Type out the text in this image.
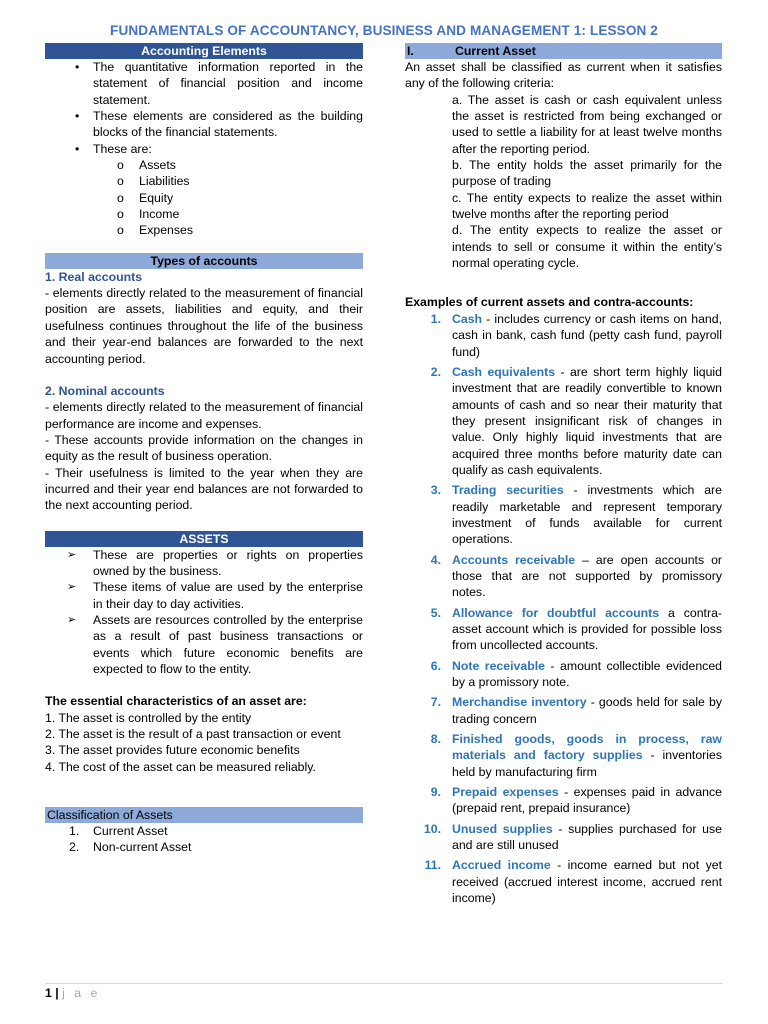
FUNDAMENTALS OF ACCOUNTANCY, BUSINESS AND MANAGEMENT 1: LESSON 2
Accounting Elements
•	The quantitative information reported in the statement of financial position and income statement.
•	These elements are considered as the building blocks of the financial statements.
•	These are:
o	Assets
o	Liabilities
o	Equity
o	Income
o	Expenses
Types of accounts
1. Real accounts
- elements directly related to the measurement of financial position are assets, liabilities and equity, and their usefulness continues throughout the life of the business and their year-end balances are forwarded to the next accounting period.
2. Nominal accounts
- elements directly related to the measurement of financial performance are income and expenses.
- These accounts provide information on the changes in equity as the result of business operation.
- Their usefulness is limited to the year when they are incurred and their year end balances are not forwarded to the next accounting period.
ASSETS
➢	These are properties or rights on properties owned by the business.
➢	These items of value are used by the enterprise in their day to day activities.
➢	Assets are resources controlled by the enterprise as a result of past business transactions or events which future economic benefits are expected to flow to the entity.
The essential characteristics of an asset are:
1. The asset is controlled by the entity
2. The asset is the result of a past transaction or event
3. The asset provides future economic benefits
4. The cost of the asset can be measured reliably.
Classification of Assets
1.	Current Asset
2.	Non-current Asset
I.	Current Asset
An asset shall be classified as current when it satisfies any of the following criteria:
a. The asset is cash or cash equivalent unless the asset is restricted from being exchanged or used to settle a liability for at least twelve months after the reporting period.
b. The entity holds the asset primarily for the purpose of trading
c. The entity expects to realize the asset within twelve months after the reporting period
d. The entity expects to realize the asset or intends to sell or consume it within the entity’s normal operating cycle.
Examples of current assets and contra-accounts:
1. Cash - includes currency or cash items on hand, cash in bank, cash fund (petty cash fund, payroll fund)
2. Cash equivalents - are short term highly liquid investment that are readily convertible to known amounts of cash and so near their maturity that they present insignificant risk of changes in value. Only highly liquid investments that are acquired three months before maturity date can qualify as cash equivalents.
3. Trading securities - investments which are readily marketable and represent temporary investment of funds available for current operations.
4. Accounts receivable – are open accounts or those that are not supported by promissory notes.
5. Allowance for doubtful accounts a contra-asset account which is provided for possible loss from uncollected accounts.
6. Note receivable - amount collectible evidenced by a promissory note.
7. Merchandise inventory - goods held for sale by trading concern
8. Finished goods, goods in process, raw materials and factory supplies - inventories held by manufacturing firm
9. Prepaid expenses - expenses paid in advance (prepaid rent, prepaid insurance)
10. Unused supplies - supplies purchased for use and are still unused
11. Accrued income - income earned but not yet received (accrued interest income, accrued rent income)
1 | j a e
